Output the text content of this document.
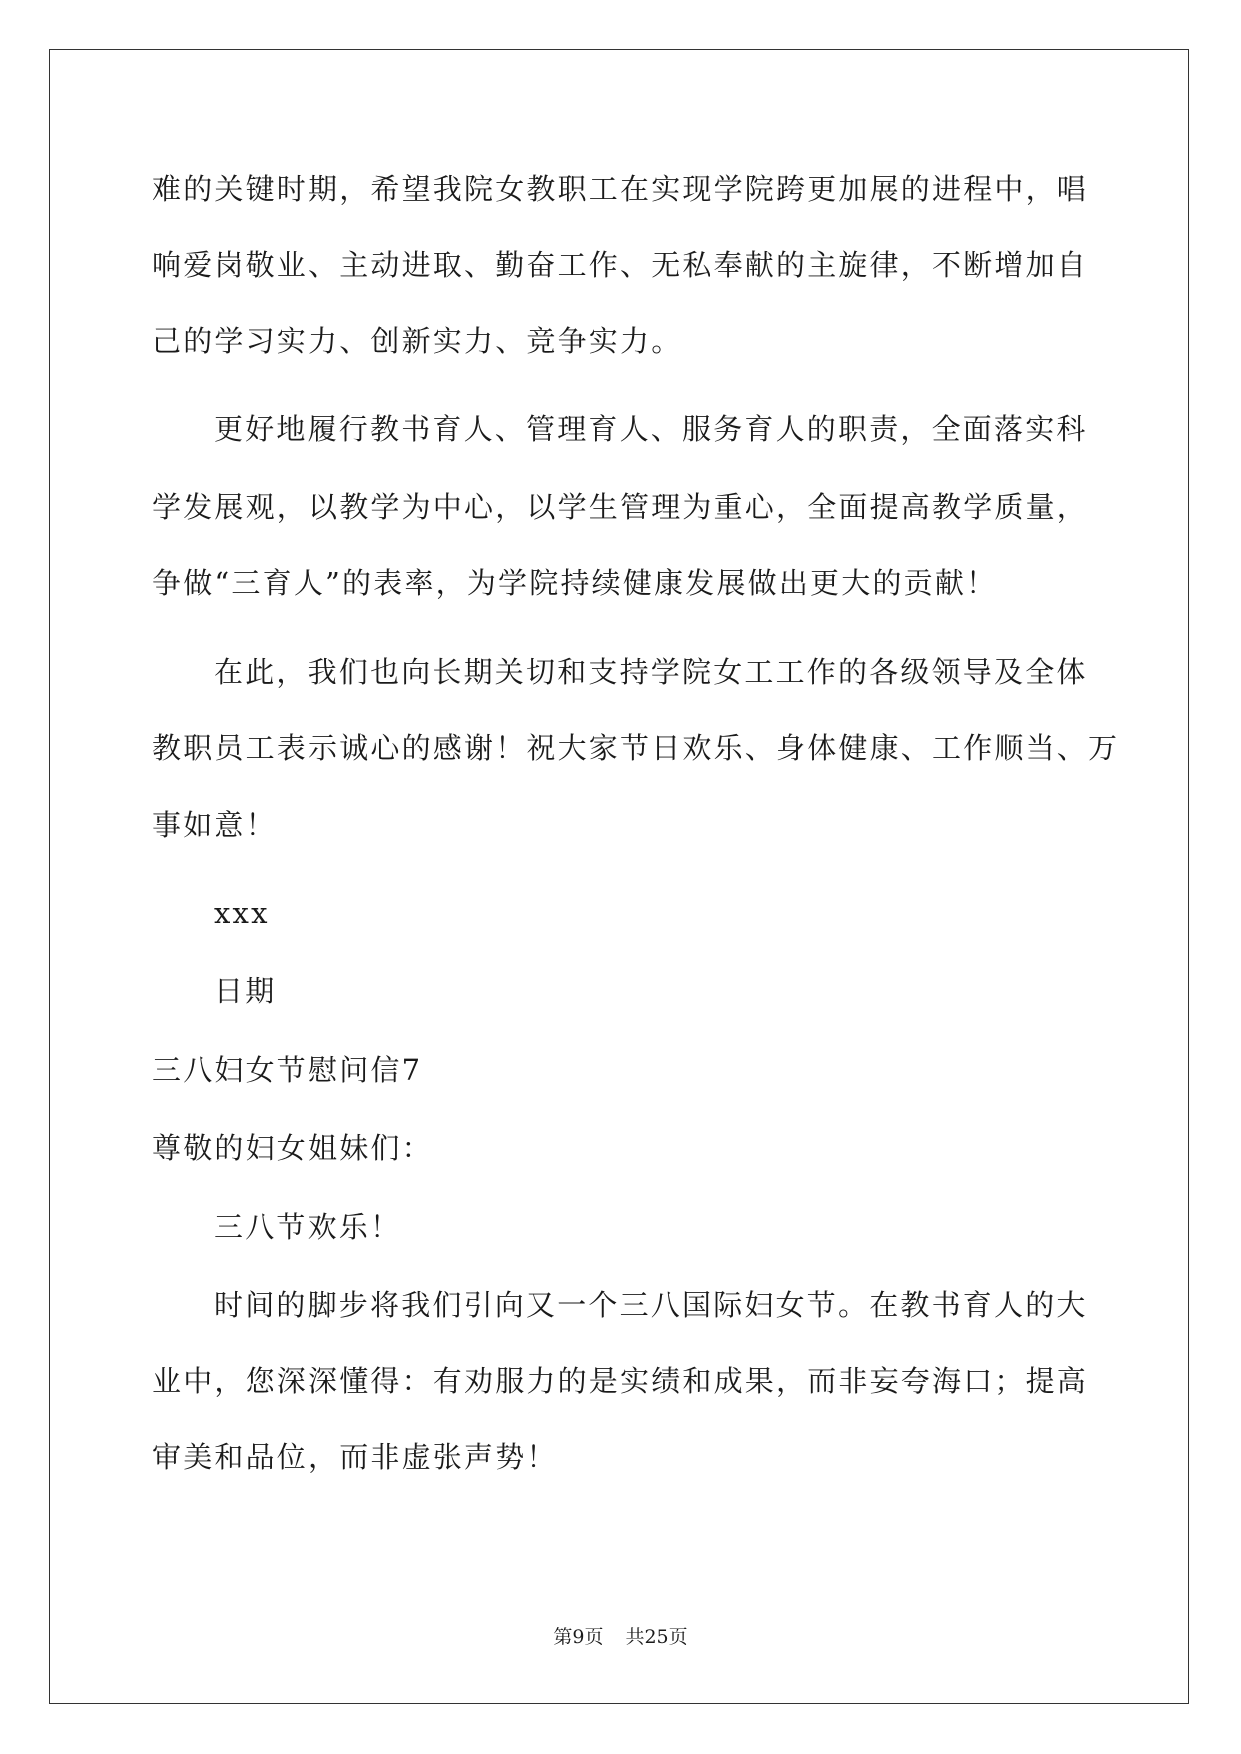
难的关键时期，希望我院女教职工在实现学院跨更加展的进程中，唱
响爱岗敬业、主动进取、勤奋工作、无私奉献的主旋律，不断增加自
己的学习实力、创新实力、竞争实力。
更好地履行教书育人、管理育人、服务育人的职责，全面落实科
学发展观，以教学为中心，以学生管理为重心，全面提高教学质量，
争做“三育人”的表率，为学院持续健康发展做出更大的贡献！
在此，我们也向长期关切和支持学院女工工作的各级领导及全体
教职员工表示诚心的感谢！祝大家节日欢乐、身体健康、工作顺当、万
事如意！
xxx
日期
三八妇女节慰问信7
尊敬的妇女姐妹们：
三八节欢乐！
时间的脚步将我们引向又一个三八国际妇女节。在教书育人的大
业中，您深深懂得：有劝服力的是实绩和成果，而非妄夸海口；提高
审美和品位，而非虚张声势！
第9页 共25页
